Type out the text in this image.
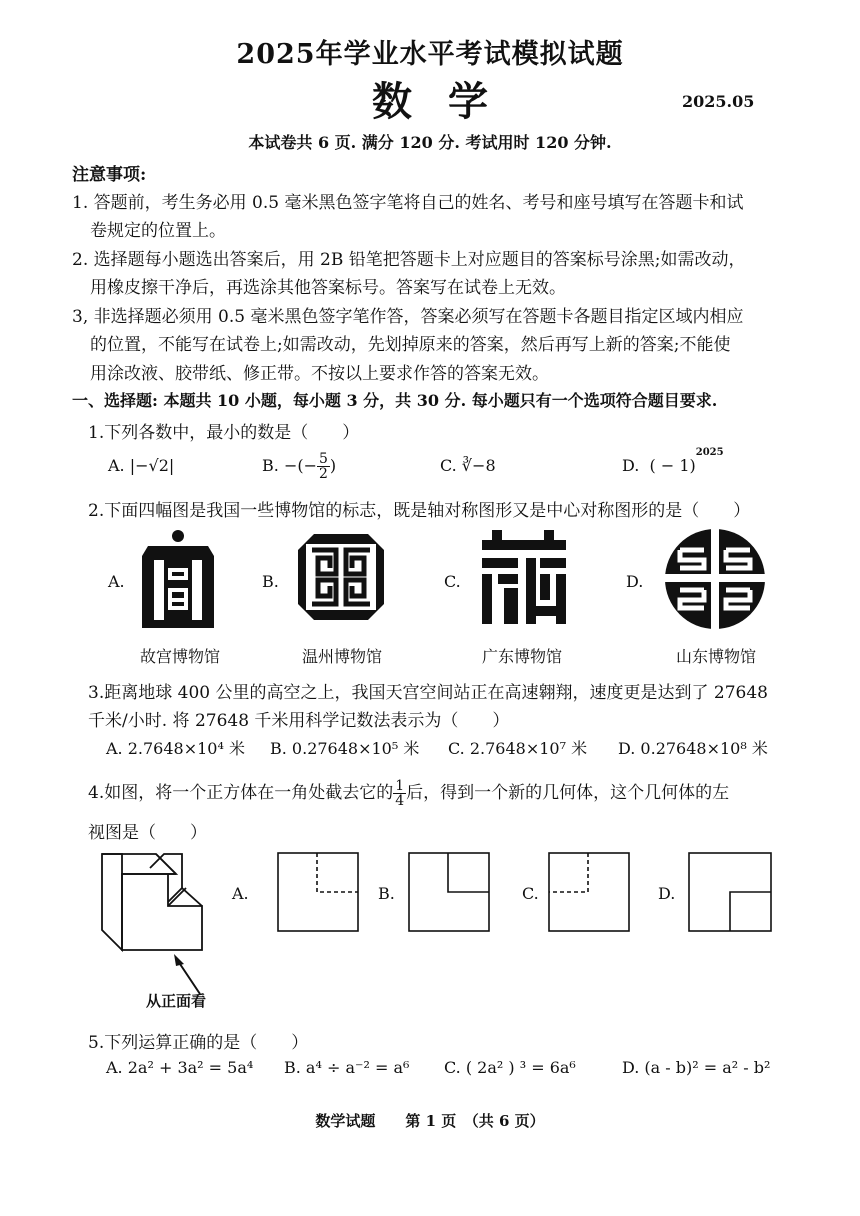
2025年学业水平考试模拟试题
数学	2025.05
本试卷共 6 页. 满分 120 分. 考试用时 120 分钟.
注意事项:
1. 答题前，考生务必用 0.5 毫米黑色签字笔将自己的姓名、考号和座号填写在答题卡和试
卷规定的位置上。
2. 选择题每小题选出答案后，用 2B 铅笔把答题卡上对应题目的答案标号涂黑;如需改动，
用橡皮擦干净后，再选涂其他答案标号。答案写在试卷上无效。
3, 非选择题必须用 0.5 毫米黑色签字笔作答，答案必须写在答题卡各题目指定区域内相应
的位置，不能写在试卷上;如需改动，先划掉原来的答案，然后再写上新的答案;不能使
用涂改液、胶带纸、修正带。不按以上要求作答的答案无效。
一、选择题: 本题共 10 小题，每小题 3 分，共 30 分. 每小题只有一个选项符合题目要求.
1.下列各数中，最小的数是（　　）
A. |−√2|	B. −(− $\frac{5}{2}$ )	C. ∛−8	D. ( − 1)$^{2025}$
2.下面四幅图是我国一些博物馆的标志，既是轴对称图形又是中心对称图形的是（　　）
A.
故宫博物馆
B.
温州博物馆
C.
广东博物馆
D.
山东博物馆
3.距离地球 400 公里的高空之上，我国天宫空间站正在高速翱翔，速度更是达到了 27648
千米/小时. 将 27648 千米用科学记数法表示为（　　）
A. 2.7648×10⁴ 米 B. 0.27648×10⁵ 米 C. 2.7648×10⁷ 米 D. 0.27648×10⁸ 米
4.如图，将一个正方体在一角处截去它的 $\frac{1}{4}$ 后，得到一个新的几何体，这个几何体的左
视图是（　　）
从正面看
A.	B.	C.	D.
5.下列运算正确的是（　　）
A. 2a² + 3a² = 5a⁴ B. a⁴ ÷ a⁻² = a⁶ C. ( 2a² ) ³ = 6a⁶	D. (a - b)² = a² - b²
数学试题　　第 1 页　（共 6 页）
